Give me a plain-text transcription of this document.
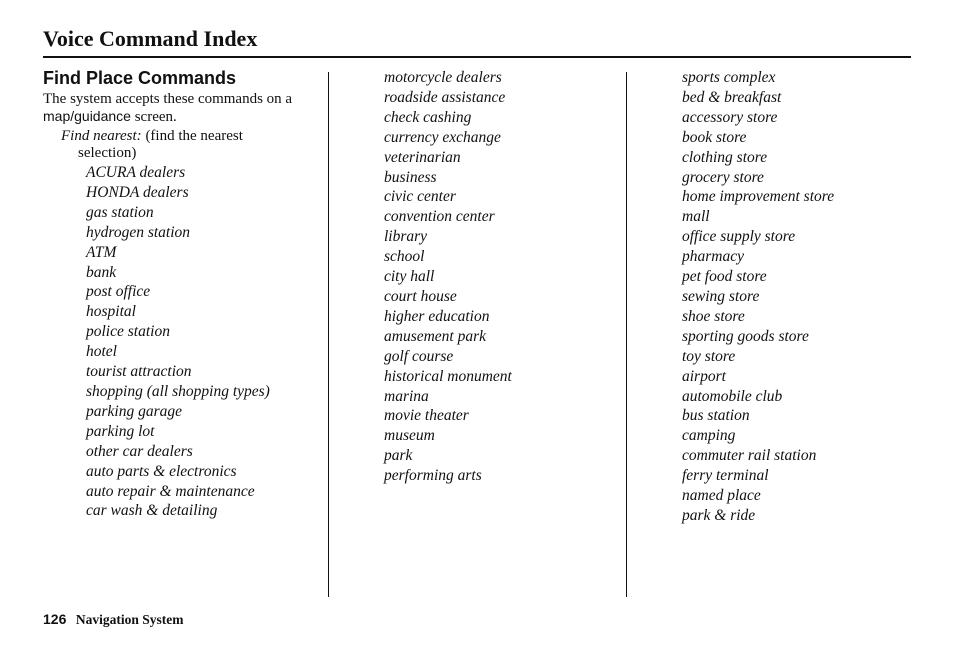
Voice Command Index
Find Place Commands
The system accepts these commands on a map/guidance screen.
Find nearest: (find the nearest
selection)
ACURA dealers
HONDA dealers
gas station
hydrogen station
ATM
bank
post office
hospital
police station
hotel
tourist attraction
shopping (all shopping types)
parking garage
parking lot
other car dealers
auto parts & electronics
auto repair & maintenance
car wash & detailing
motorcycle dealers
roadside assistance
check cashing
currency exchange
veterinarian
business
civic center
convention center
library
school
city hall
court house
higher education
amusement park
golf course
historical monument
marina
movie theater
museum
park
performing arts
sports complex
bed & breakfast
accessory store
book store
clothing store
grocery store
home improvement store
mall
office supply store
pharmacy
pet food store
sewing store
shoe store
sporting goods store
toy store
airport
automobile club
bus station
camping
commuter rail station
ferry terminal
named place
park & ride
126 Navigation System
